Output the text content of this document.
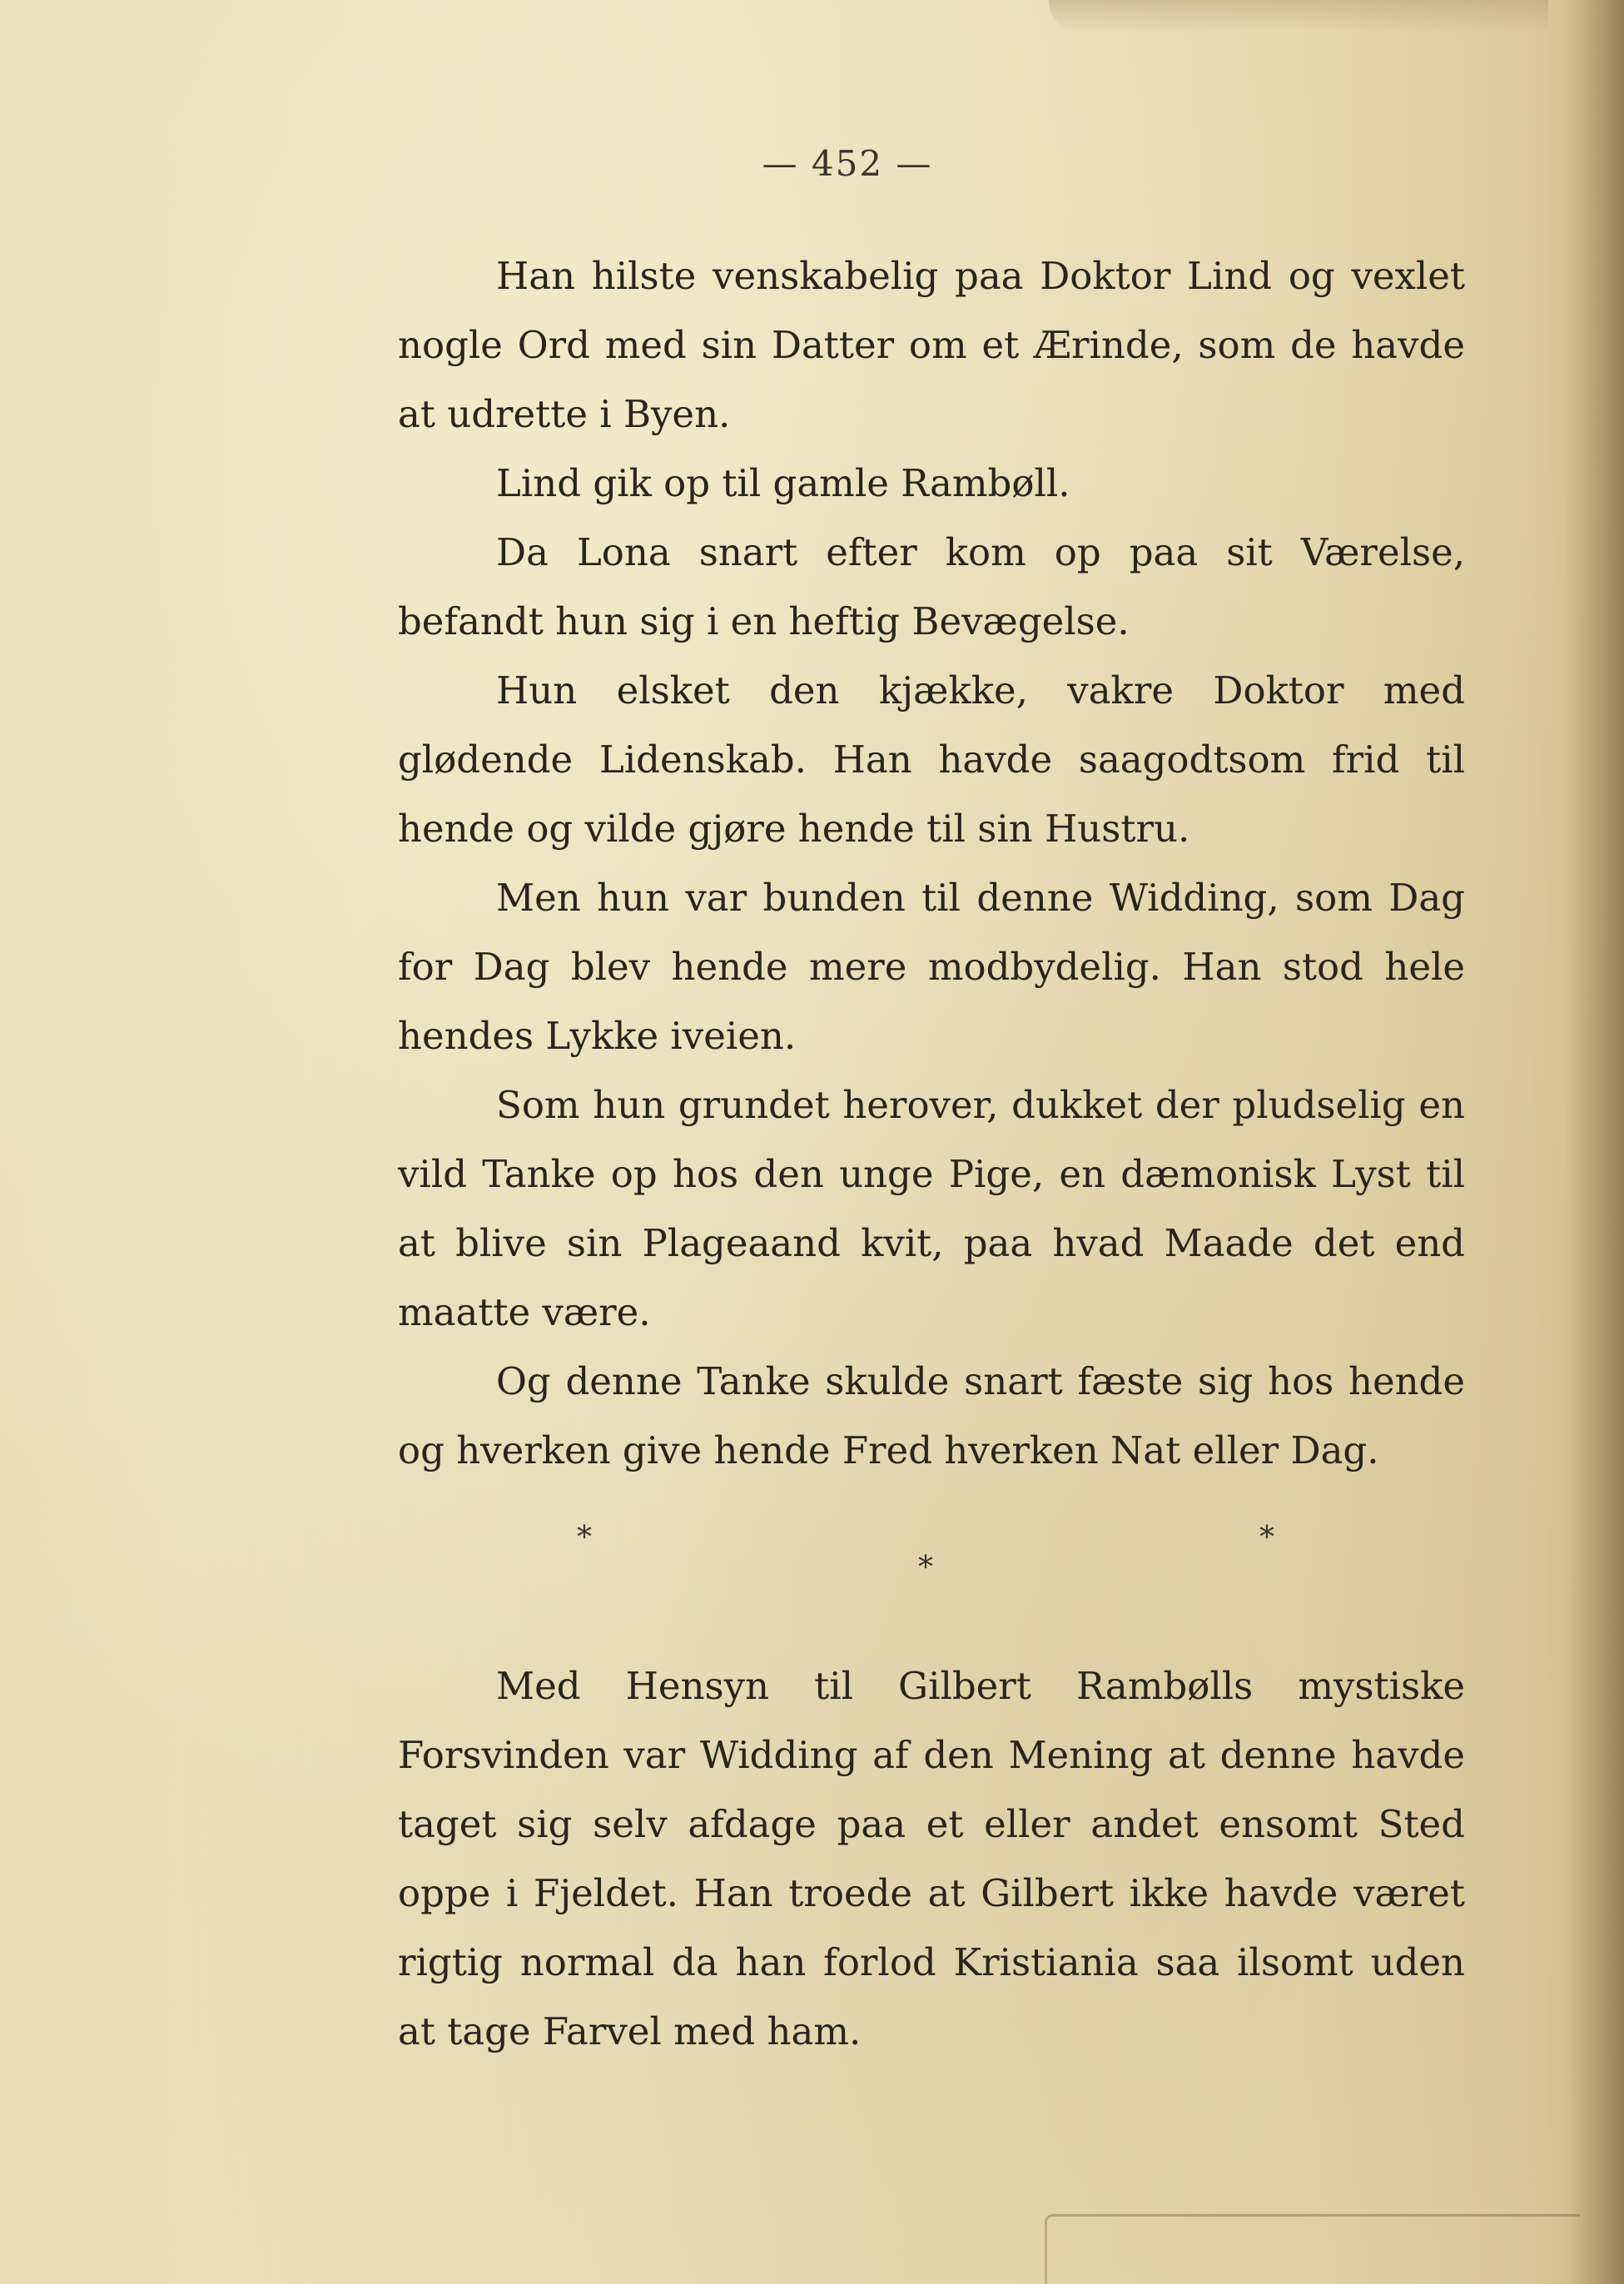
— 452 —

Han hilste venskabelig paa Doktor Lind og vexlet nogle Ord med sin Datter om et Ærinde, som de havde at udrette i Byen.

Lind gik op til gamle Rambøll.

Da Lona snart efter kom op paa sit Værelse, befandt hun sig i en heftig Bevægelse.

Hun elsket den kjække, vakre Doktor med glødende Lidenskab. Han havde saagodtsom frid til hende og vilde gjøre hende til sin Hustru.

Men hun var bunden til denne Widding, som Dag for Dag blev hende mere modbydelig. Han stod hele hendes Lykke iveien.

Som hun grundet herover, dukket der pludselig en vild Tanke op hos den unge Pige, en dæmonisk Lyst til at blive sin Plageaand kvit, paa hvad Maade det end maatte være.

Og denne Tanke skulde snart fæste sig hos hende og hverken give hende Fred hverken Nat eller Dag.

*
*
*

Med Hensyn til Gilbert Rambølls mystiske Forsvinden var Widding af den Mening at denne havde taget sig selv afdage paa et eller andet ensomt Sted oppe i Fjeldet. Han troede at Gilbert ikke havde været rigtig normal da han forlod Kristiania saa ilsomt uden at tage Farvel med ham.
